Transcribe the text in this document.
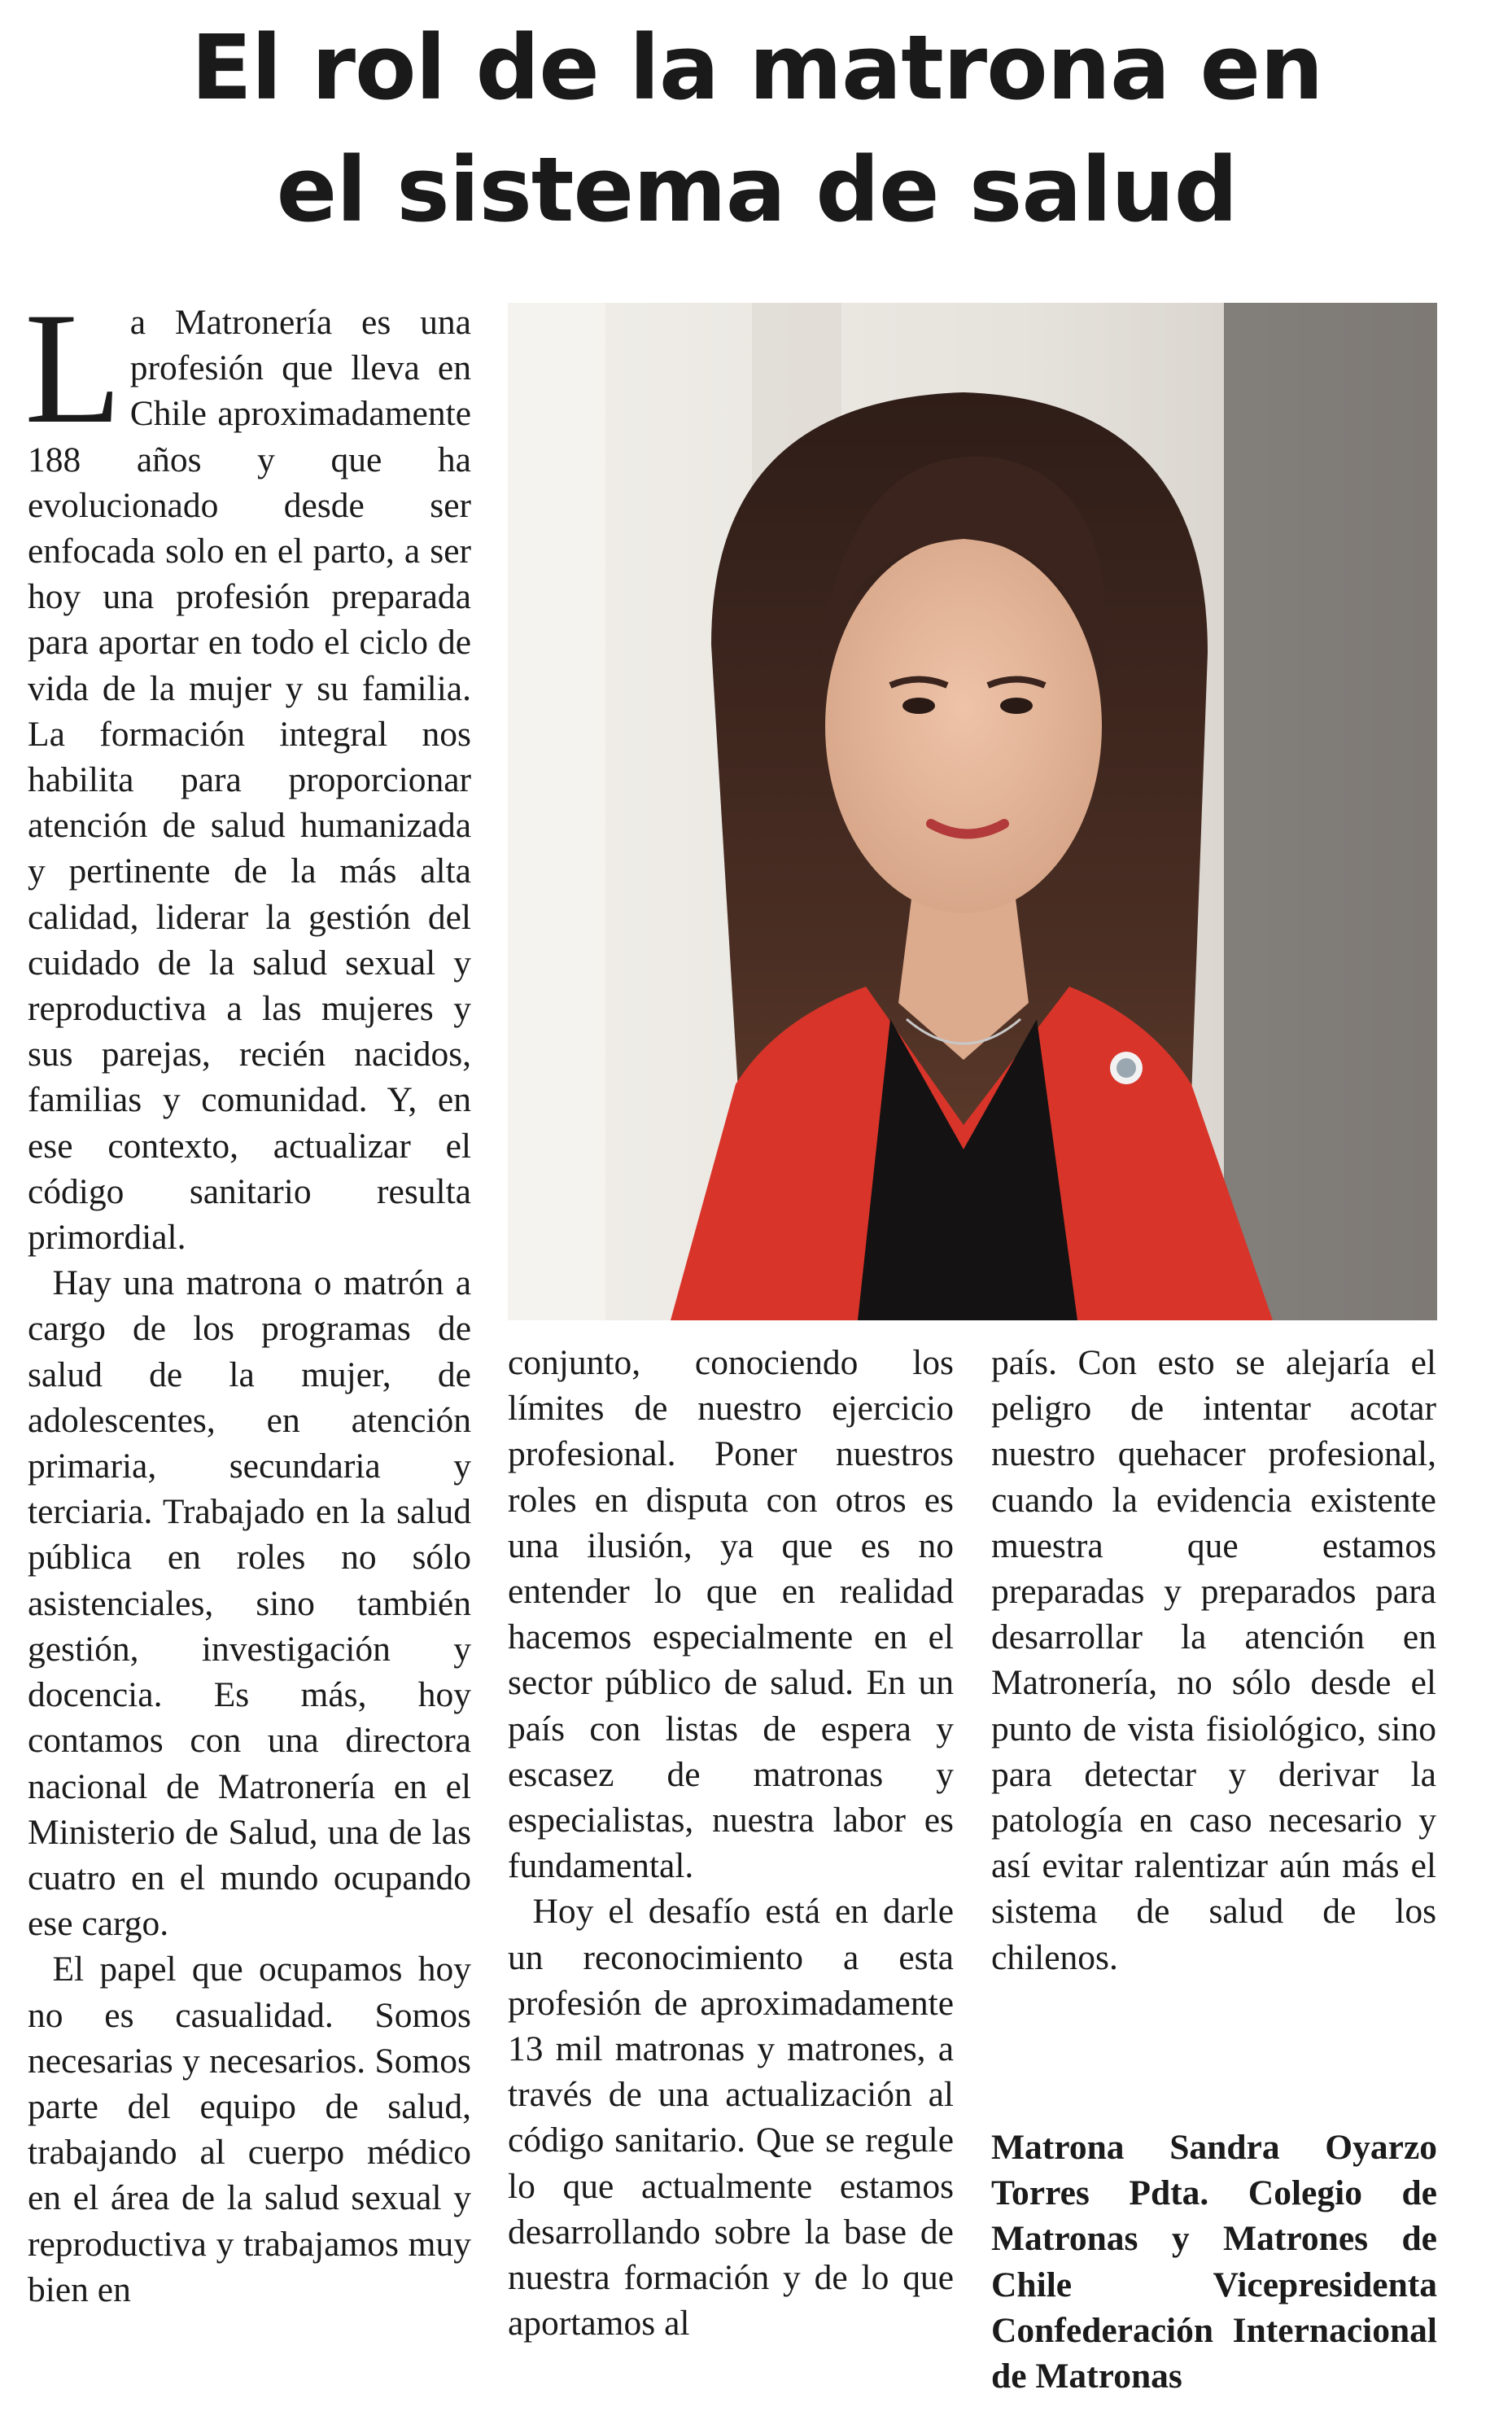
El rol de la matrona en
el sistema de salud

La Matronería es una profesión que lleva en Chile aproximadamente 188 años y que ha evolucionado desde ser enfocada solo en el parto, a ser hoy una profesión preparada para aportar en todo el ciclo de vida de la mujer y su familia. La formación integral nos habilita para proporcionar atención de salud humanizada y pertinente de la más alta calidad, liderar la gestión del cuidado de la salud sexual y reproductiva a las mujeres y sus parejas, recién nacidos, familias y comunidad. Y, en ese contexto, actualizar el código sanitario resulta primordial.

Hay una matrona o matrón a cargo de los programas de salud de la mujer, de adolescentes, en atención primaria, secundaria y terciaria. Trabajado en la salud pública en roles no sólo asistenciales, sino también gestión, investigación y docencia. Es más, hoy contamos con una directora nacional de Matronería en el Ministerio de Salud, una de las cuatro en el mundo ocupando ese cargo.

El papel que ocupamos hoy no es casualidad. Somos necesarias y necesarios. Somos parte del equipo de salud, trabajando al cuerpo médico en el área de la salud sexual y reproductiva y trabajamos muy bien en

conjunto, conociendo los límites de nuestro ejercicio profesional. Poner nuestros roles en disputa con otros es una ilusión, ya que es no entender lo que en realidad hacemos especialmente en el sector público de salud. En un país con listas de espera y escasez de matronas y especialistas, nuestra labor es fundamental.

Hoy el desafío está en darle un reconocimiento a esta profesión de aproximadamente 13 mil matronas y matrones, a través de una actualización al código sanitario. Que se regule lo que actualmente estamos desarrollando sobre la base de nuestra formación y de lo que aportamos al

país. Con esto se alejaría el peligro de intentar acotar nuestro quehacer profesional, cuando la evidencia existente muestra que estamos preparadas y preparados para desarrollar la atención en Matronería, no sólo desde el punto de vista fisiológico, sino para detectar y derivar la patología en caso necesario y así evitar ralentizar aún más el sistema de salud de los chilenos.

Matrona Sandra Oyarzo Torres Pdta. Colegio de Matronas y Matrones de Chile Vicepresidenta Confederación Internacional de Matronas
